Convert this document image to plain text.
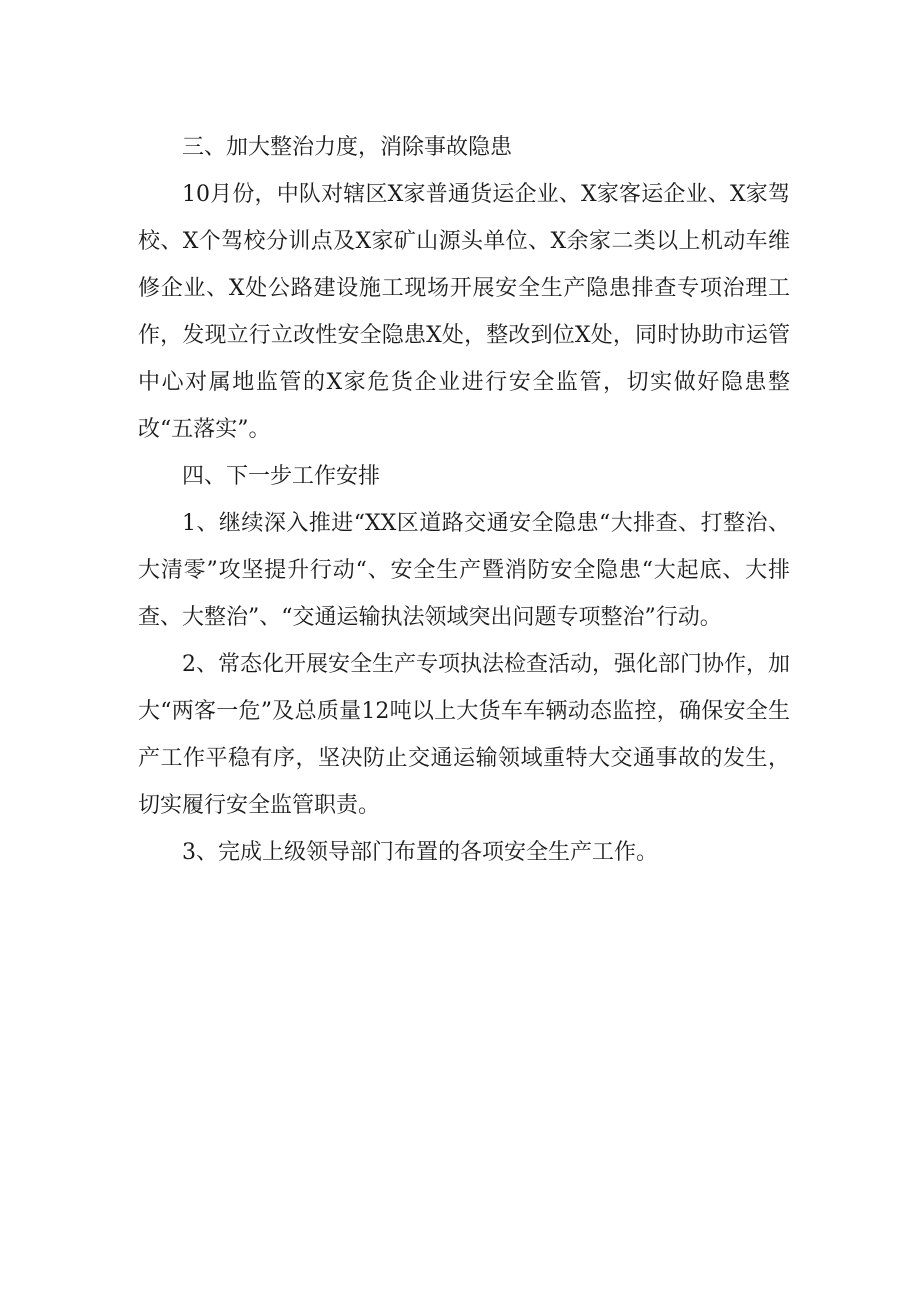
三、加大整治力度，消除事故隐患

10月份，中队对辖区X家普通货运企业、X家客运企业、X家驾校、X个驾校分训点及X家矿山源头单位、X余家二类以上机动车维修企业、X处公路建设施工现场开展安全生产隐患排查专项治理工作，发现立行立改性安全隐患X处，整改到位X处，同时协助市运管中心对属地监管的X家危货企业进行安全监管，切实做好隐患整改“五落实”。

四、下一步工作安排

1、继续深入推进“XX区道路交通安全隐患“大排查、打整治、大清零”攻坚提升行动“、安全生产暨消防安全隐患“大起底、大排查、大整治”、“交通运输执法领域突出问题专项整治”行动。

2、常态化开展安全生产专项执法检查活动，强化部门协作，加大“两客一危”及总质量12吨以上大货车车辆动态监控，确保安全生产工作平稳有序，坚决防止交通运输领域重特大交通事故的发生，切实履行安全监管职责。

3、完成上级领导部门布置的各项安全生产工作。
